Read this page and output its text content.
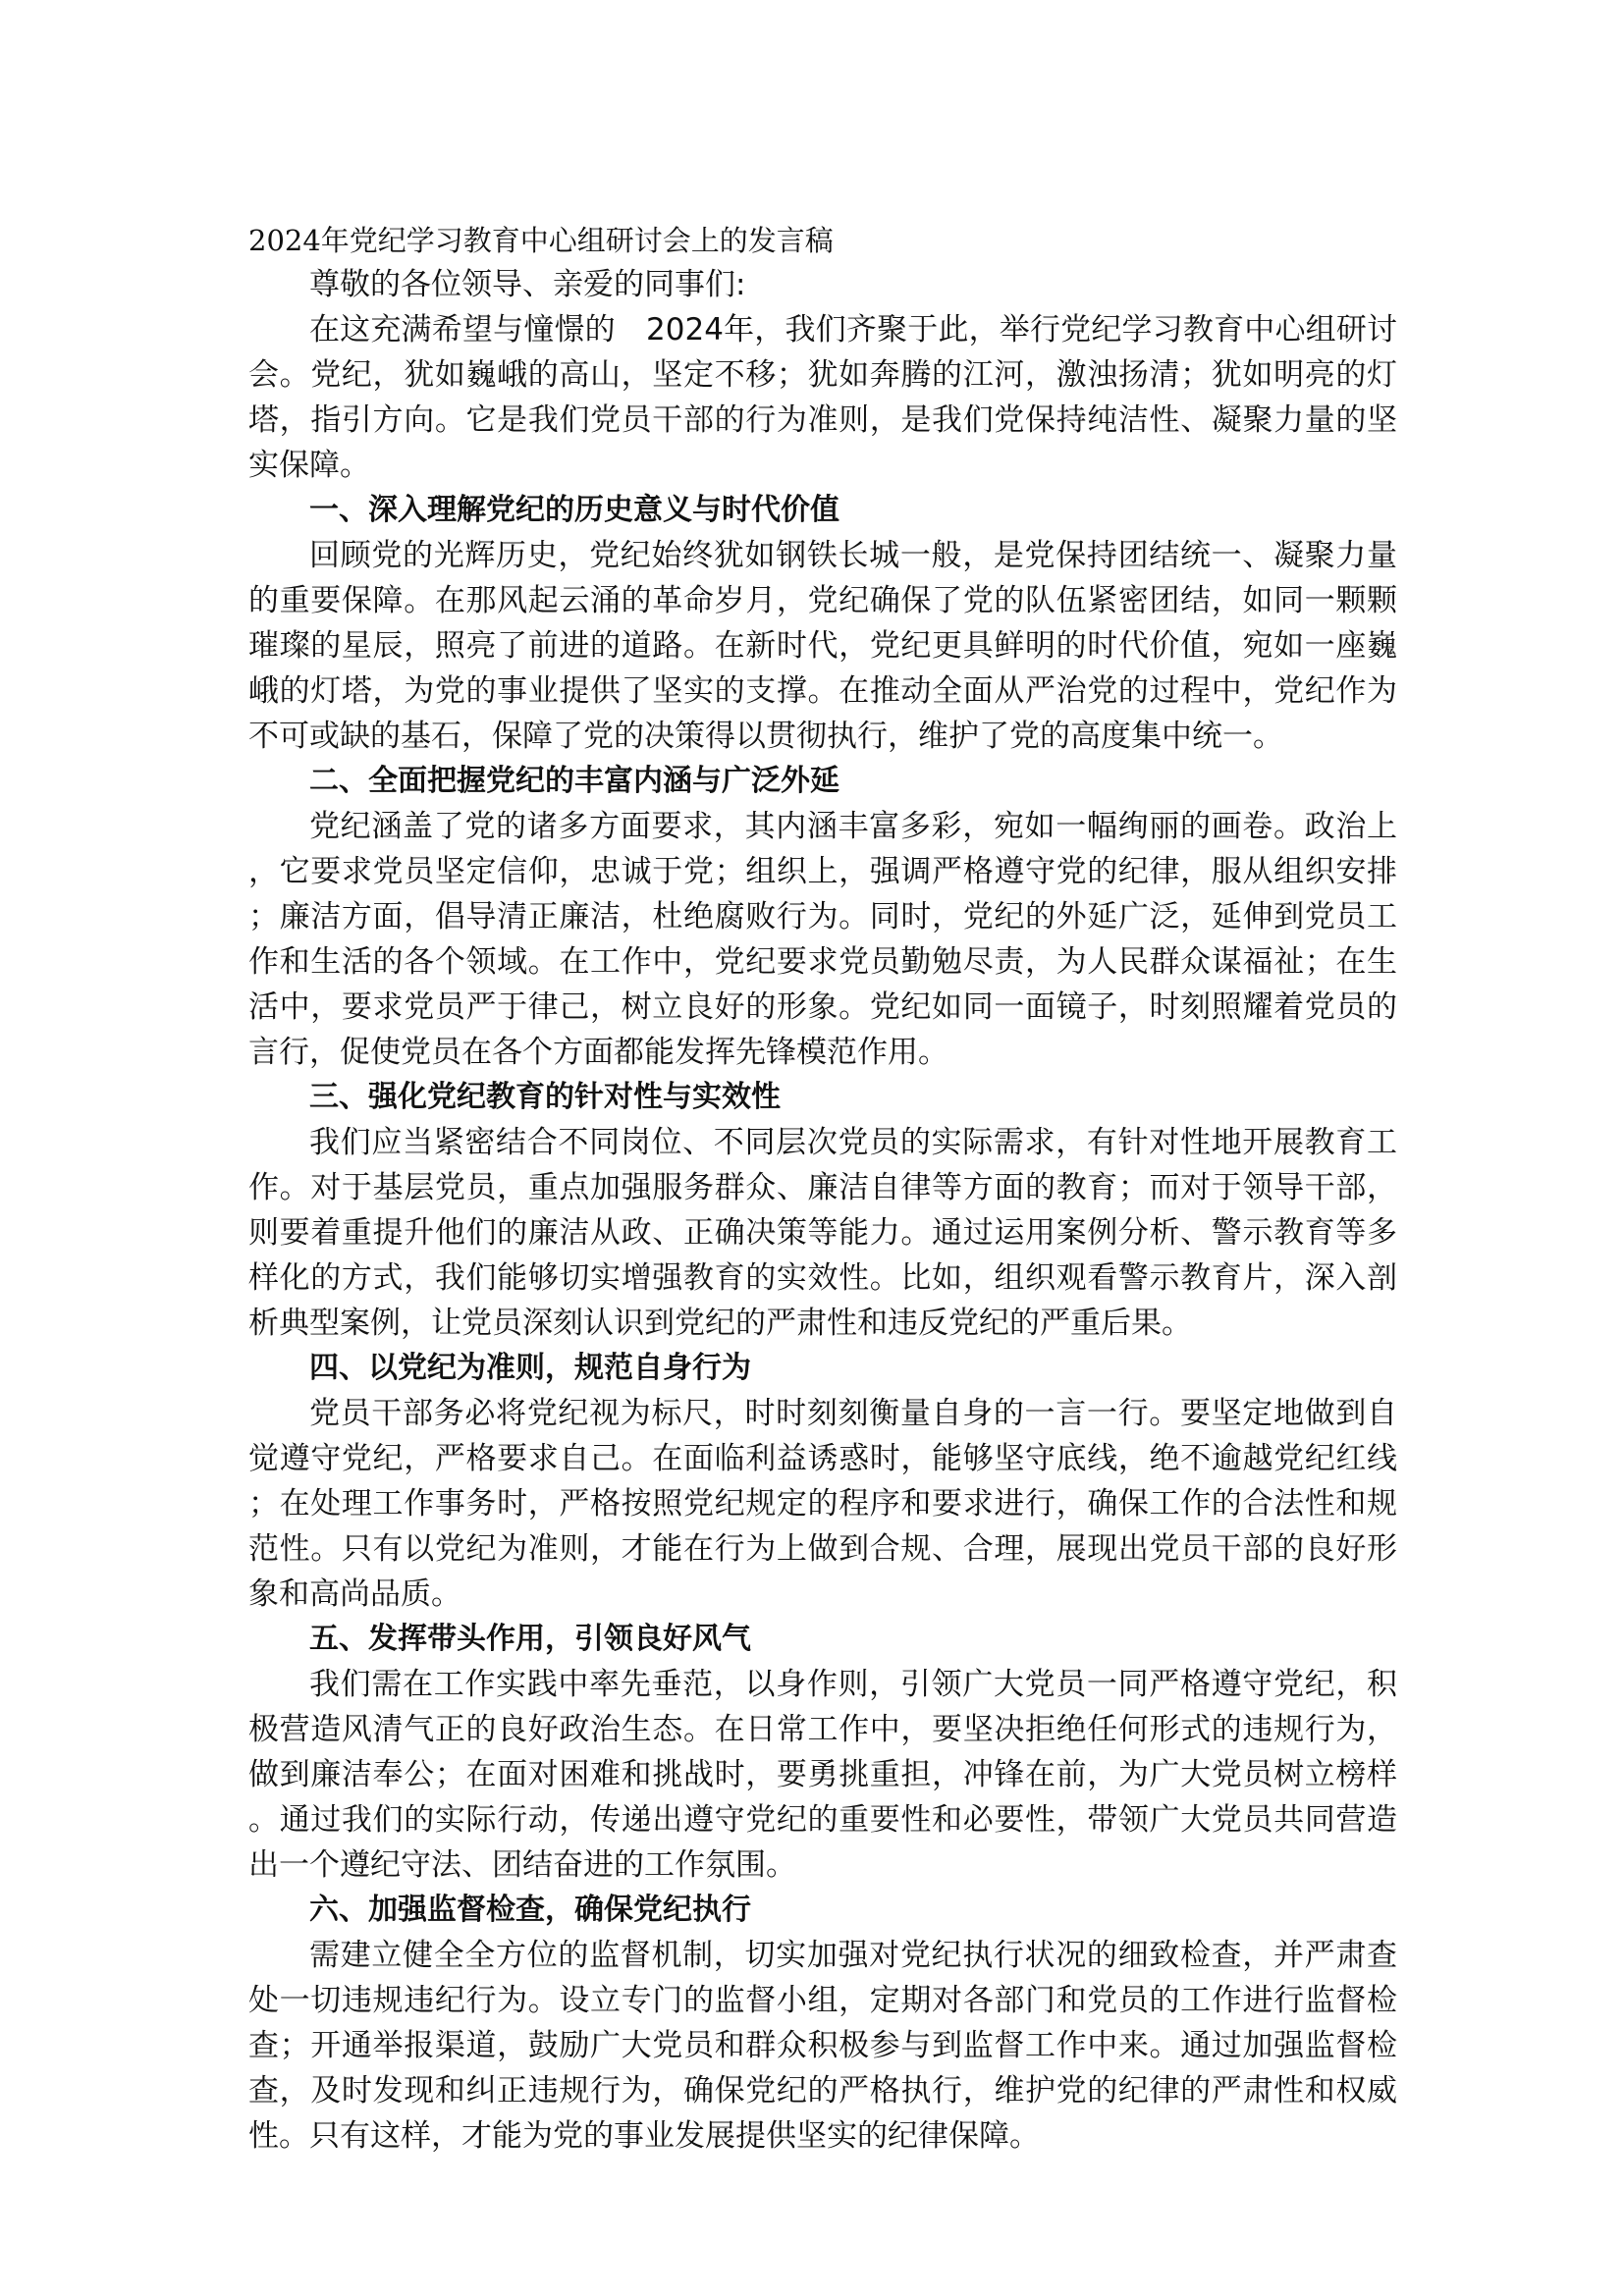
2024年党纪学习教育中心组研讨会上的发言稿

尊敬的各位领导、亲爱的同事们:

在这充满希望与憧憬的　2024年，我们齐聚于此，举行党纪学习教育中心组研讨会。党纪，犹如巍峨的高山，坚定不移；犹如奔腾的江河，激浊扬清；犹如明亮的灯塔，指引方向。它是我们党员干部的行为准则，是我们党保持纯洁性、凝聚力量的坚实保障。

一、深入理解党纪的历史意义与时代价值

回顾党的光辉历史，党纪始终犹如钢铁长城一般，是党保持团结统一、凝聚力量的重要保障。在那风起云涌的革命岁月，党纪确保了党的队伍紧密团结，如同一颗颗璀璨的星辰，照亮了前进的道路。在新时代，党纪更具鲜明的时代价值，宛如一座巍峨的灯塔，为党的事业提供了坚实的支撑。在推动全面从严治党的过程中，党纪作为不可或缺的基石，保障了党的决策得以贯彻执行，维护了党的高度集中统一。

二、全面把握党纪的丰富内涵与广泛外延

党纪涵盖了党的诸多方面要求，其内涵丰富多彩，宛如一幅绚丽的画卷。政治上，它要求党员坚定信仰，忠诚于党；组织上，强调严格遵守党的纪律，服从组织安排；廉洁方面，倡导清正廉洁，杜绝腐败行为。同时，党纪的外延广泛，延伸到党员工作和生活的各个领域。在工作中，党纪要求党员勤勉尽责，为人民群众谋福祉；在生活中，要求党员严于律己，树立良好的形象。党纪如同一面镜子，时刻照耀着党员的言行，促使党员在各个方面都能发挥先锋模范作用。

三、强化党纪教育的针对性与实效性

我们应当紧密结合不同岗位、不同层次党员的实际需求，有针对性地开展教育工作。对于基层党员，重点加强服务群众、廉洁自律等方面的教育；而对于领导干部，则要着重提升他们的廉洁从政、正确决策等能力。通过运用案例分析、警示教育等多样化的方式，我们能够切实增强教育的实效性。比如，组织观看警示教育片，深入剖析典型案例，让党员深刻认识到党纪的严肃性和违反党纪的严重后果。

四、以党纪为准则，规范自身行为

党员干部务必将党纪视为标尺，时时刻刻衡量自身的一言一行。要坚定地做到自觉遵守党纪，严格要求自己。在面临利益诱惑时，能够坚守底线，绝不逾越党纪红线；在处理工作事务时，严格按照党纪规定的程序和要求进行，确保工作的合法性和规范性。只有以党纪为准则，才能在行为上做到合规、合理，展现出党员干部的良好形象和高尚品质。

五、发挥带头作用，引领良好风气

我们需在工作实践中率先垂范，以身作则，引领广大党员一同严格遵守党纪，积极营造风清气正的良好政治生态。在日常工作中，要坚决拒绝任何形式的违规行为，做到廉洁奉公；在面对困难和挑战时，要勇挑重担，冲锋在前，为广大党员树立榜样。通过我们的实际行动，传递出遵守党纪的重要性和必要性，带领广大党员共同营造出一个遵纪守法、团结奋进的工作氛围。

六、加强监督检查，确保党纪执行

需建立健全全方位的监督机制，切实加强对党纪执行状况的细致检查，并严肃查处一切违规违纪行为。设立专门的监督小组，定期对各部门和党员的工作进行监督检查；开通举报渠道，鼓励广大党员和群众积极参与到监督工作中来。通过加强监督检查，及时发现和纠正违规行为，确保党纪的严格执行，维护党的纪律的严肃性和权威性。只有这样，才能为党的事业发展提供坚实的纪律保障。
